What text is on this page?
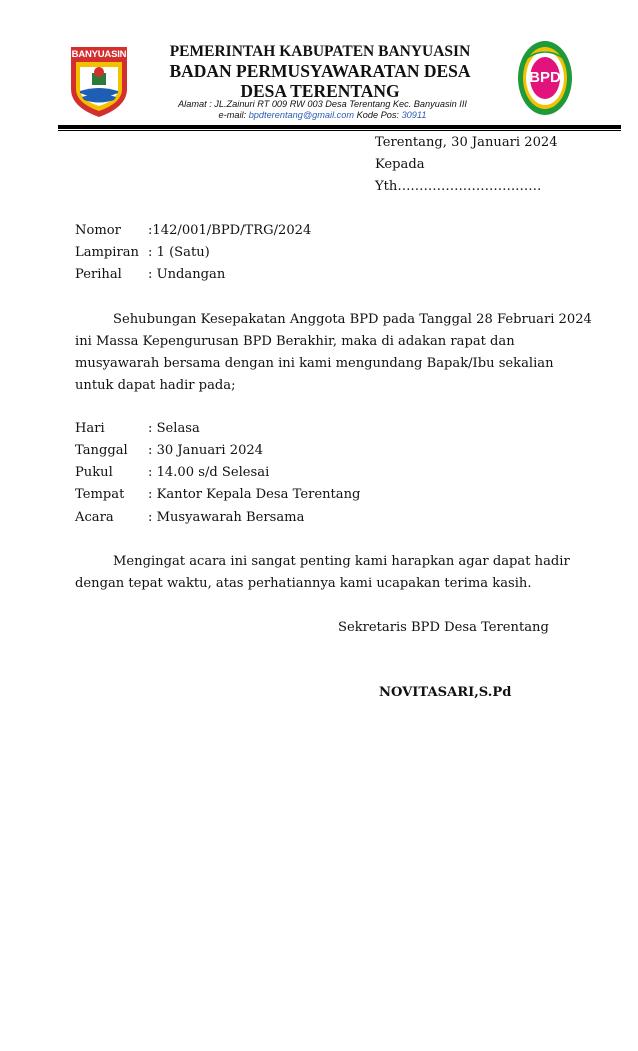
BANYUASIN
BPD
PEMERINTAH KABUPATEN BANYUASIN
BADAN PERMUSYAWARATAN DESA
DESA TERENTANG
Alamat : JL.Zainuri RT 009 RW 003 Desa Terentang Kec. Banyuasin III
e-mail: bpdterentang@gmail.com Kode Pos: 30911
Terentang, 30 Januari 2024
Kepada
Yth……………………………
Nomor :142/001/BPD/TRG/2024
Lampiran : 1 (Satu)
Perihal : Undangan
Sehubungan Kesepakatan Anggota BPD pada Tanggal 28 Februari 2024
ini Massa Kepengurusan BPD Berakhir, maka di adakan rapat dan
musyawarah bersama dengan ini kami mengundang Bapak/Ibu sekalian
untuk dapat hadir pada;
Hari	: Selasa
Tanggal : 30 Januari 2024
Pukul	: 14.00 s/d Selesai
Tempat : Kantor Kepala Desa Terentang
Acara	: Musyawarah Bersama
Mengingat acara ini sangat penting kami harapkan agar dapat hadir
dengan tepat waktu, atas perhatiannya kami ucapakan terima kasih.
Sekretaris BPD Desa Terentang
NOVITASARI,S.Pd
